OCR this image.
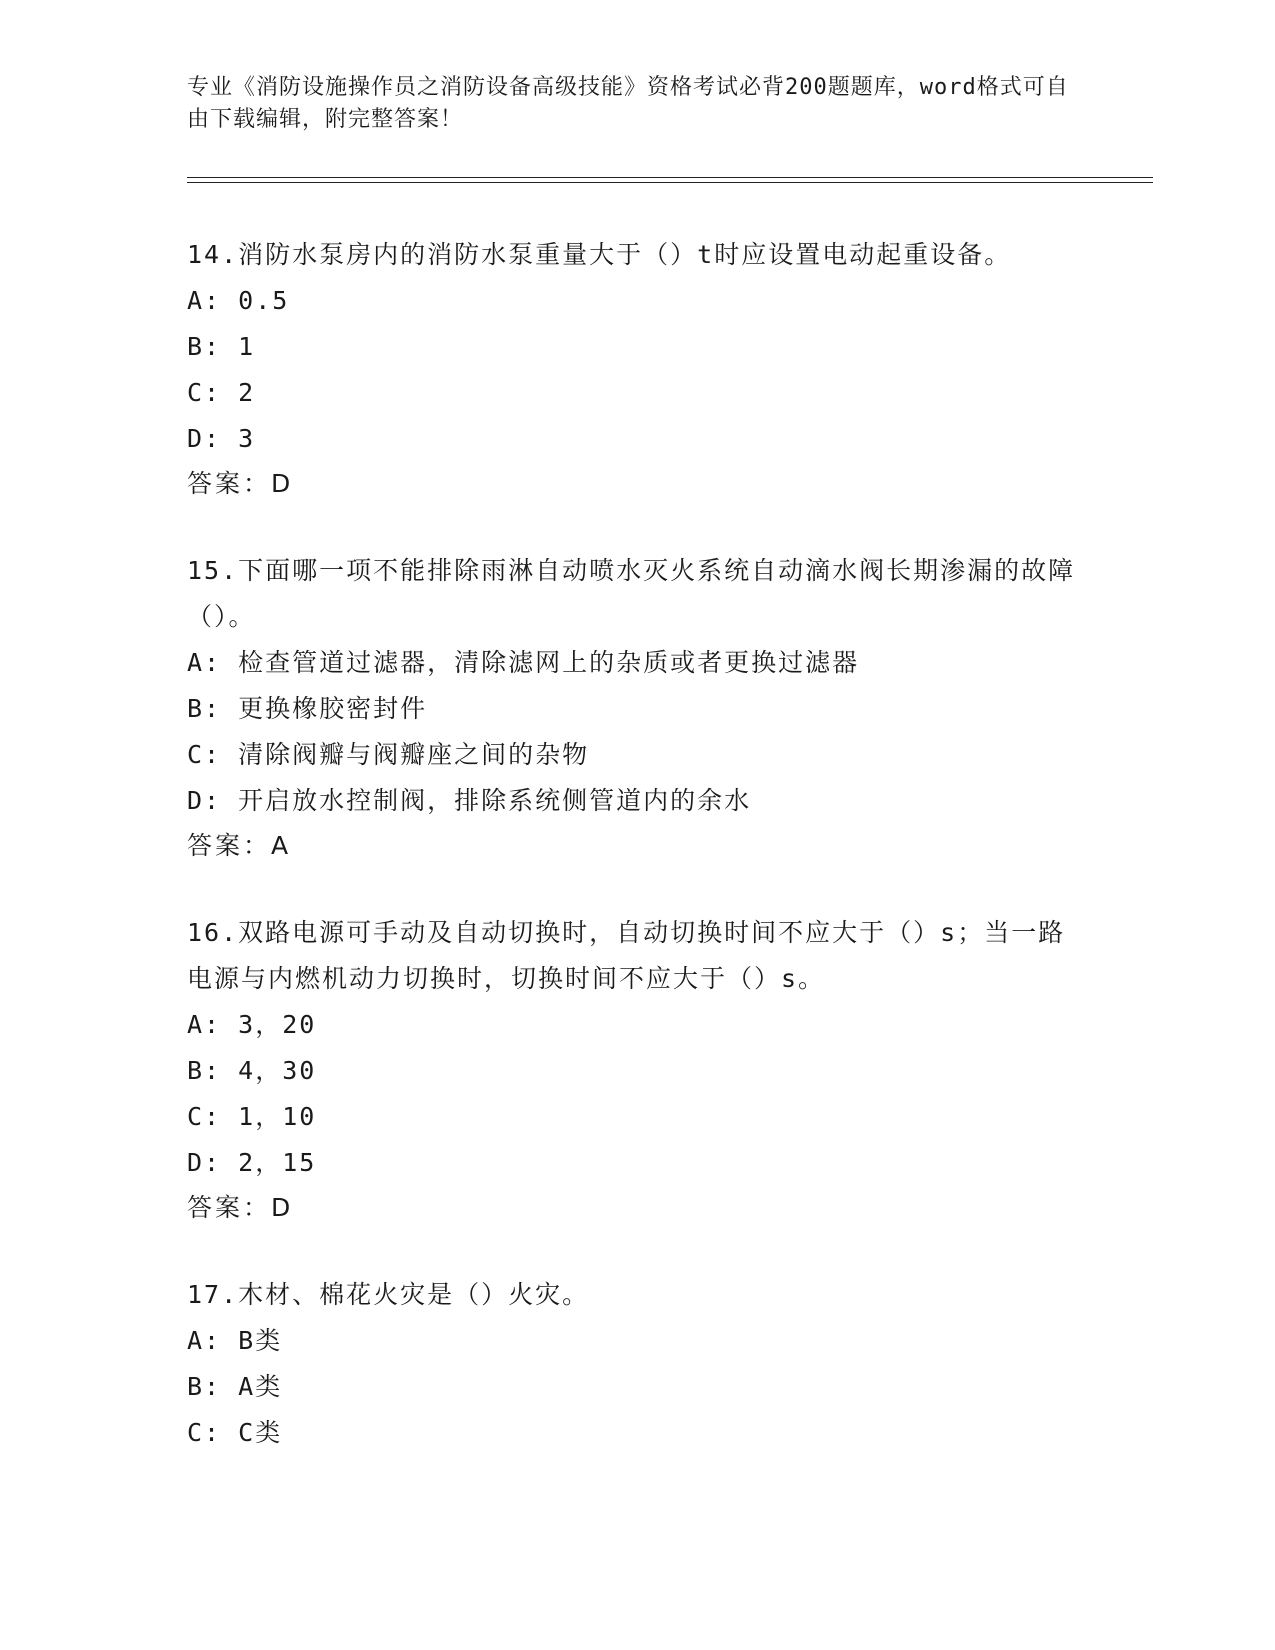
专业《消防设施操作员之消防设备高级技能》资格考试必背200题题库，word格式可自由下载编辑，附完整答案！

14.消防水泵房内的消防水泵重量大于（）t时应设置电动起重设备。

A: 0.5

B: 1

C: 2

D: 3

答案：D

15.下面哪一项不能排除雨淋自动喷水灭火系统自动滴水阀长期渗漏的故障（）。

A: 检查管道过滤器，清除滤网上的杂质或者更换过滤器

B: 更换橡胶密封件

C: 清除阀瓣与阀瓣座之间的杂物

D: 开启放水控制阀，排除系统侧管道内的余水

答案：A

16.双路电源可手动及自动切换时，自动切换时间不应大于（）s；当一路电源与内燃机动力切换时，切换时间不应大于（）s。

A: 3，20

B: 4，30

C: 1，10

D: 2，15

答案：D

17.木材、棉花火灾是（）火灾。

A: B类

B: A类

C: C类
